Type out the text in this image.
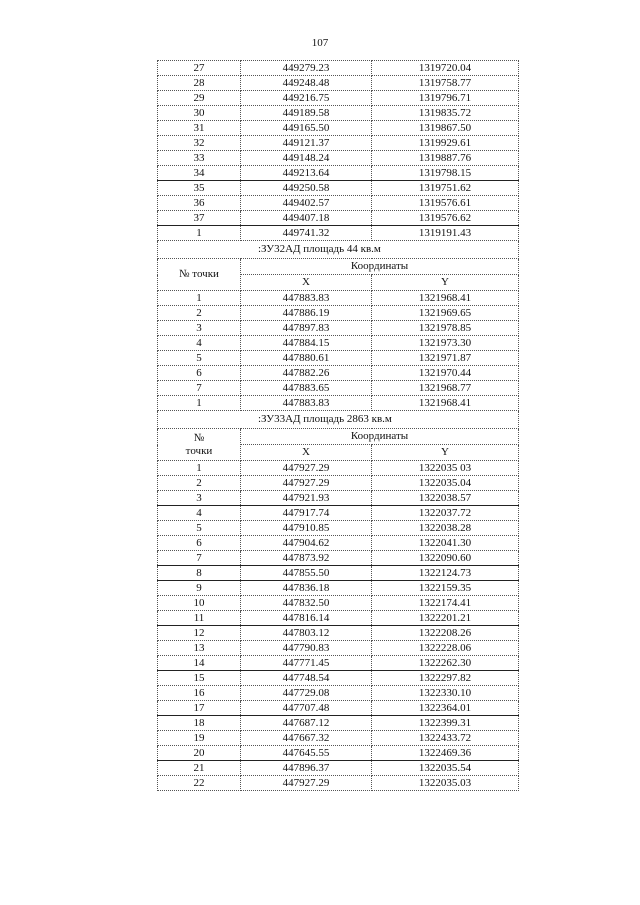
107
27	449279.23	1319720.04
28	449248.48	1319758.77
29	449216.75	1319796.71
30	449189.58	1319835.72
31	449165.50	1319867.50
32	449121.37	1319929.61
33	449148.24	1319887.76
34	449213.64	1319798.15
35	449250.58	1319751.62
36	449402.57	1319576.61
37	449407.18	1319576.62
1	449741.32	1319191.43
:ЗУ32АД площадь 44 кв.м		
№ точки	Координаты	
	X	Y
1	447883.83	1321968.41
2	447886.19	1321969.65
3	447897.83	1321978.85
4	447884.15	1321973.30
5	447880.61	1321971.87
6	447882.26	1321970.44
7	447883.65	1321968.77
1	447883.83	1321968.41
:ЗУ33АД площадь 2863 кв.м		
№
точки	Координаты	
	X	Y
1	447927.29	1322035 03
2	447927.29	1322035.04
3	447921.93	1322038.57
4	447917.74	1322037.72
5	447910.85	1322038.28
6	447904.62	1322041.30
7	447873.92	1322090.60
8	447855.50	1322124.73
9	447836.18	1322159.35
10	447832.50	1322174.41
11	447816.14	1322201.21
12	447803.12	1322208.26
13	447790.83	1322228.06
14	447771.45	1322262.30
15	447748.54	1322297.82
16	447729.08	1322330.10
17	447707.48	1322364.01
18	447687.12	1322399.31
19	447667.32	1322433.72
20	447645.55	1322469.36
21	447896.37	1322035.54
22	447927.29	1322035.03
